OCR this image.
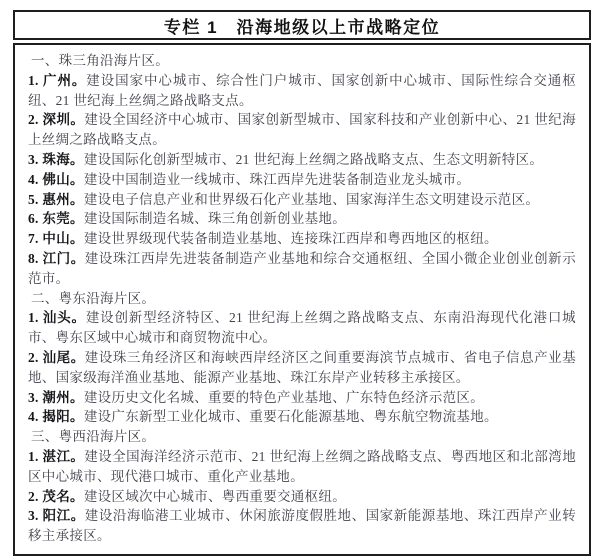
专栏 1　沿海地级以上市战略定位

一、珠三角沿海片区。

1. 广州。建设国家中心城市、综合性门户城市、国家创新中心城市、国际性综合交通枢纽、21 世纪海上丝绸之路战略支点。

2. 深圳。建设全国经济中心城市、国家创新型城市、国家科技和产业创新中心、21 世纪海上丝绸之路战略支点。

3. 珠海。建设国际化创新型城市、21 世纪海上丝绸之路战略支点、生态文明新特区。

4. 佛山。建设中国制造业一线城市、珠江西岸先进装备制造业龙头城市。

5. 惠州。建设电子信息产业和世界级石化产业基地、国家海洋生态文明建设示范区。

6. 东莞。建设国际制造名城、珠三角创新创业基地。

7. 中山。建设世界级现代装备制造业基地、连接珠江西岸和粤西地区的枢纽。

8. 江门。建设珠江西岸先进装备制造产业基地和综合交通枢纽、全国小微企业创业创新示范市。

二、粤东沿海片区。

1. 汕头。建设创新型经济特区、21 世纪海上丝绸之路战略支点、东南沿海现代化港口城市、粤东区域中心城市和商贸物流中心。

2. 汕尾。建设珠三角经济区和海峡西岸经济区之间重要海滨节点城市、省电子信息产业基地、国家级海洋渔业基地、能源产业基地、珠江东岸产业转移主承接区。

3. 潮州。建设历史文化名城、重要的特色产业基地、广东特色经济示范区。

4. 揭阳。建设广东新型工业化城市、重要石化能源基地、粤东航空物流基地。

三、粤西沿海片区。

1. 湛江。建设全国海洋经济示范市、21 世纪海上丝绸之路战略支点、粤西地区和北部湾地区中心城市、现代港口城市、重化产业基地。

2. 茂名。建设区域次中心城市、粤西重要交通枢纽。

3. 阳江。建设沿海临港工业城市、休闲旅游度假胜地、国家新能源基地、珠江西岸产业转移主承接区。
